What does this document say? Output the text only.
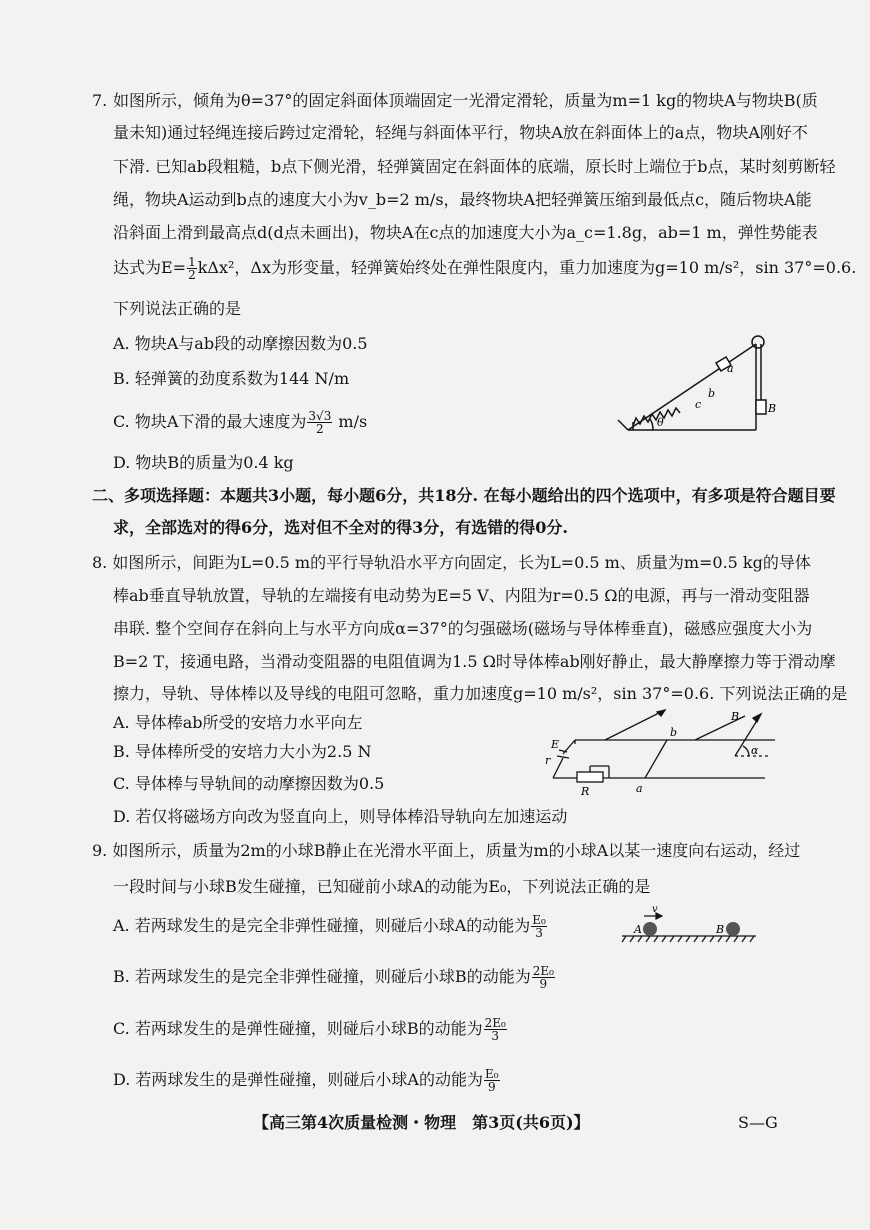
7. 如图所示，倾角为θ=37°的固定斜面体顶端固定一光滑定滑轮，质量为m=1 kg的物块A与物块B(质
量未知)通过轻绳连接后跨过定滑轮，轻绳与斜面体平行，物块A放在斜面体上的a点，物块A刚好不
下滑. 已知ab段粗糙，b点下侧光滑，轻弹簧固定在斜面体的底端，原长时上端位于b点，某时刻剪断轻
绳，物块A运动到b点的速度大小为v_b=2 m/s，最终物块A把轻弹簧压缩到最低点c，随后物块A能
沿斜面上滑到最高点d(d点未画出)，物块A在c点的加速度大小为a_c=1.8g，ab=1 m，弹性势能表
达式为$E= \frac{1}{2} k\Delta x^2$，Δx为形变量，轻弹簧始终处在弹性限度内，重力加速度为g=10 m/s²，sin 37°=0.6.
下列说法正确的是
A. 物块A与ab段的动摩擦因数为0.5
B. 轻弹簧的劲度系数为144 N/m
C. 物块A下滑的最大速度为 $\frac{3√3}{2} m/s$
D. 物块B的质量为0.4 kg
a
b
c
θ
B
二、多项选择题：本题共3小题，每小题6分，共18分. 在每小题给出的四个选项中，有多项是符合题目要
求，全部选对的得6分，选对但不全对的得3分，有选错的得0分.
8. 如图所示，间距为L=0.5 m的平行导轨沿水平方向固定，长为L=0.5 m、质量为m=0.5 kg的导体
棒ab垂直导轨放置，导轨的左端接有电动势为E=5 V、内阻为r=0.5 Ω的电源，再与一滑动变阻器
串联. 整个空间存在斜向上与水平方向成α=37°的匀强磁场(磁场与导体棒垂直)，磁感应强度大小为
B=2 T，接通电路，当滑动变阻器的电阻值调为1.5 Ω时导体棒ab刚好静止，最大静摩擦力等于滑动摩
擦力，导轨、导体棒以及导线的电阻可忽略，重力加速度g=10 m/s²，sin 37°=0.6. 下列说法正确的是
A. 导体棒ab所受的安培力水平向左
B. 导体棒所受的安培力大小为2.5 N
C. 导体棒与导轨间的动摩擦因数为0.5
D. 若仅将磁场方向改为竖直向上，则导体棒沿导轨向左加速运动
E
r
R	a
b
B
α
9. 如图所示，质量为2m的小球B静止在光滑水平面上，质量为m的小球A以某一速度向右运动，经过
一段时间与小球B发生碰撞，已知碰前小球A的动能为E₀，下列说法正确的是
A. 若两球发生的是完全非弹性碰撞，则碰后小球A的动能为 $\frac{\text{E₀}}{3}$
B. 若两球发生的是完全非弹性碰撞，则碰后小球B的动能为 $\frac{\text{2E₀}}{9}$
C. 若两球发生的是弹性碰撞，则碰后小球B的动能为 $\frac{\text{2E₀}}{3}$
D. 若两球发生的是弹性碰撞，则碰后小球A的动能为 $\frac{\text{E₀}}{9}$
A	B
v
【高三第4次质量检测・物理　第3页(共6页)】	S—G
